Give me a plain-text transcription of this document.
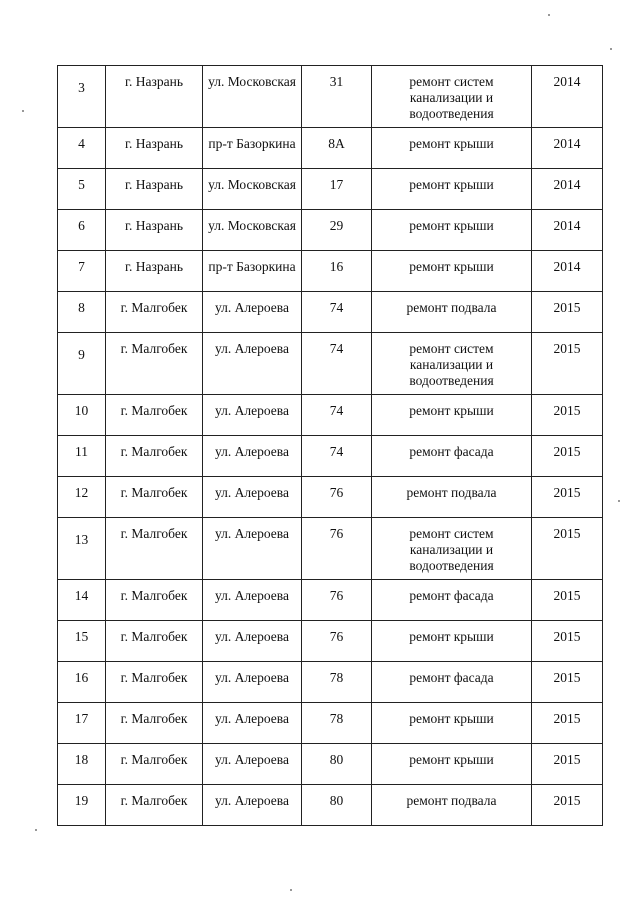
3	г. Назрань	ул. Московская	31	ремонт систем канализации и водоотведения	2014

4	г. Назрань	пр-т Базоркина	8А	ремонт крыши	2014

5	г. Назрань	ул. Московская	17	ремонт крыши	2014

6	г. Назрань	ул. Московская	29	ремонт крыши	2014

7	г. Назрань	пр-т Базоркина	16	ремонт крыши	2014

8	г. Малгобек	ул. Алероева	74	ремонт подвала	2015

9	г. Малгобек	ул. Алероева	74	ремонт систем канализации и водоотведения	2015

10	г. Малгобек	ул. Алероева	74	ремонт крыши	2015

11	г. Малгобек	ул. Алероева	74	ремонт фасада	2015

12	г. Малгобек	ул. Алероева	76	ремонт подвала	2015

13	г. Малгобек	ул. Алероева	76	ремонт систем канализации и водоотведения	2015

14	г. Малгобек	ул. Алероева	76	ремонт фасада	2015

15	г. Малгобек	ул. Алероева	76	ремонт крыши	2015

16	г. Малгобек	ул. Алероева	78	ремонт фасада	2015

17	г. Малгобек	ул. Алероева	78	ремонт крыши	2015

18	г. Малгобек	ул. Алероева	80	ремонт крыши	2015

19	г. Малгобек	ул. Алероева	80	ремонт подвала	2015
